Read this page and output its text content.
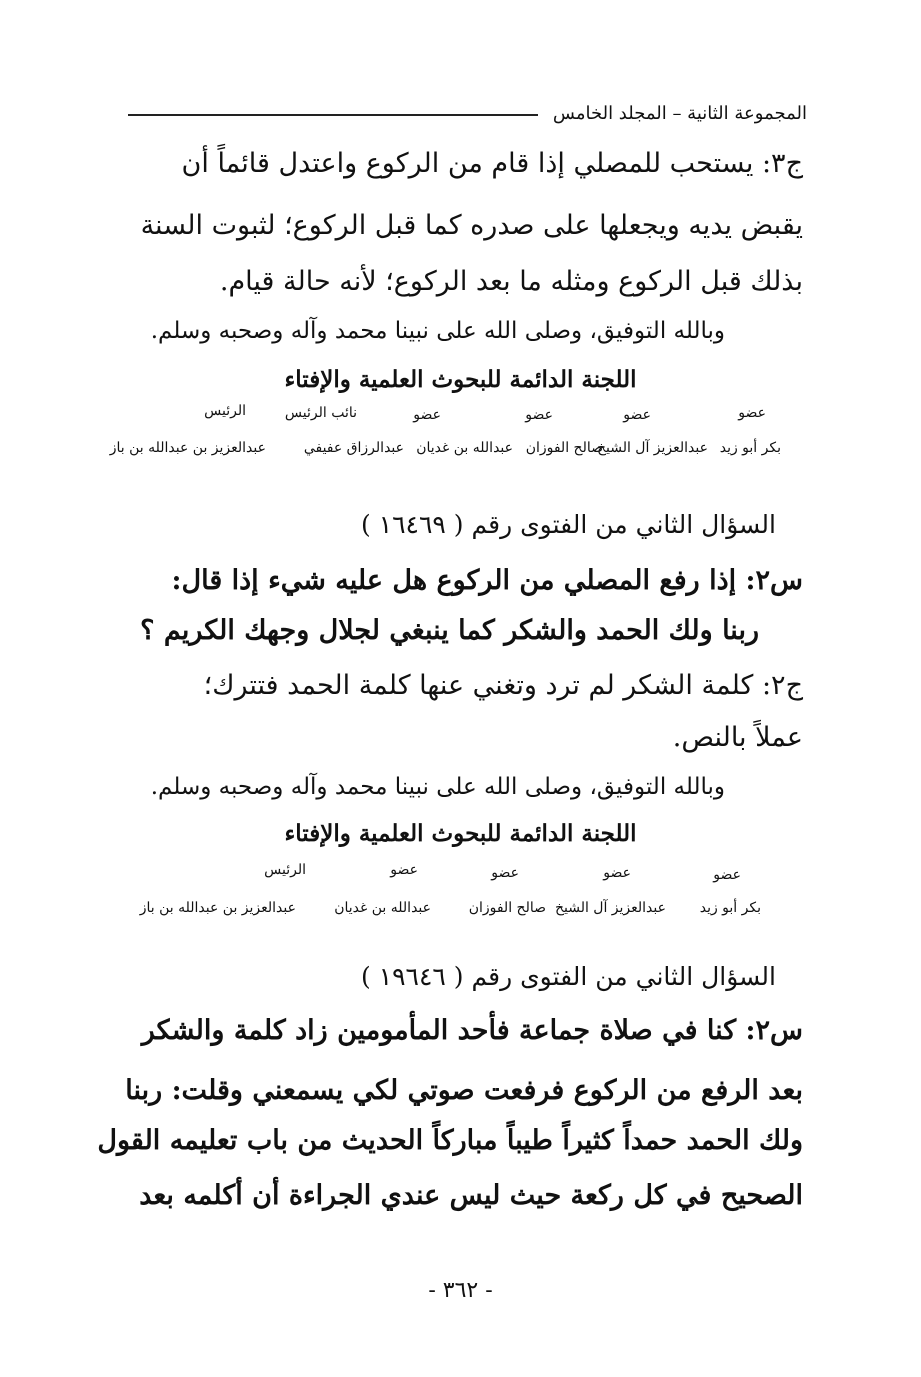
المجموعة الثانية – المجلد الخامس
ج٣: يستحب للمصلي إذا قام من الركوع واعتدل قائماً أن
يقبض يديه ويجعلها على صدره كما قبل الركوع؛ لثبوت السنة
بذلك قبل الركوع ومثله ما بعد الركوع؛ لأنه حالة قيام.
وبالله التوفيق، وصلى الله على نبينا محمد وآله وصحبه وسلم.
اللجنة الدائمة للبحوث العلمية والإفتاء
عضو
عضو
عضو
عضو
نائب الرئيس
الرئيس
بكر أبو زيد
عبدالعزيز آل الشيخ
صالح الفوزان
عبدالله بن غديان
عبدالرزاق عفيفي
عبدالعزيز بن عبدالله بن باز
السؤال الثاني من الفتوى رقم ( ١٦٤٦٩ )
س٢: إذا رفع المصلي من الركوع هل عليه شيء إذا قال:
ربنا ولك الحمد والشكر كما ينبغي لجلال وجهك الكريم ؟
ج٢: كلمة الشكر لم ترد وتغني عنها كلمة الحمد فتترك؛
عملاً بالنص.
وبالله التوفيق، وصلى الله على نبينا محمد وآله وصحبه وسلم.
اللجنة الدائمة للبحوث العلمية والإفتاء
عضو
عضو
عضو
عضو
الرئيس
بكر أبو زيد
عبدالعزيز آل الشيخ
صالح الفوزان
عبدالله بن غديان
عبدالعزيز بن عبدالله بن باز
السؤال الثاني من الفتوى رقم ( ١٩٦٤٦ )
س٢: كنا في صلاة جماعة فأحد المأمومين زاد كلمة والشكر
بعد الرفع من الركوع فرفعت صوتي لكي يسمعني وقلت: ربنا
ولك الحمد حمداً كثيراً طيباً مباركاً الحديث من باب تعليمه القول
الصحيح في كل ركعة حيث ليس عندي الجراءة أن أكلمه بعد
- ٣٦٢ -
